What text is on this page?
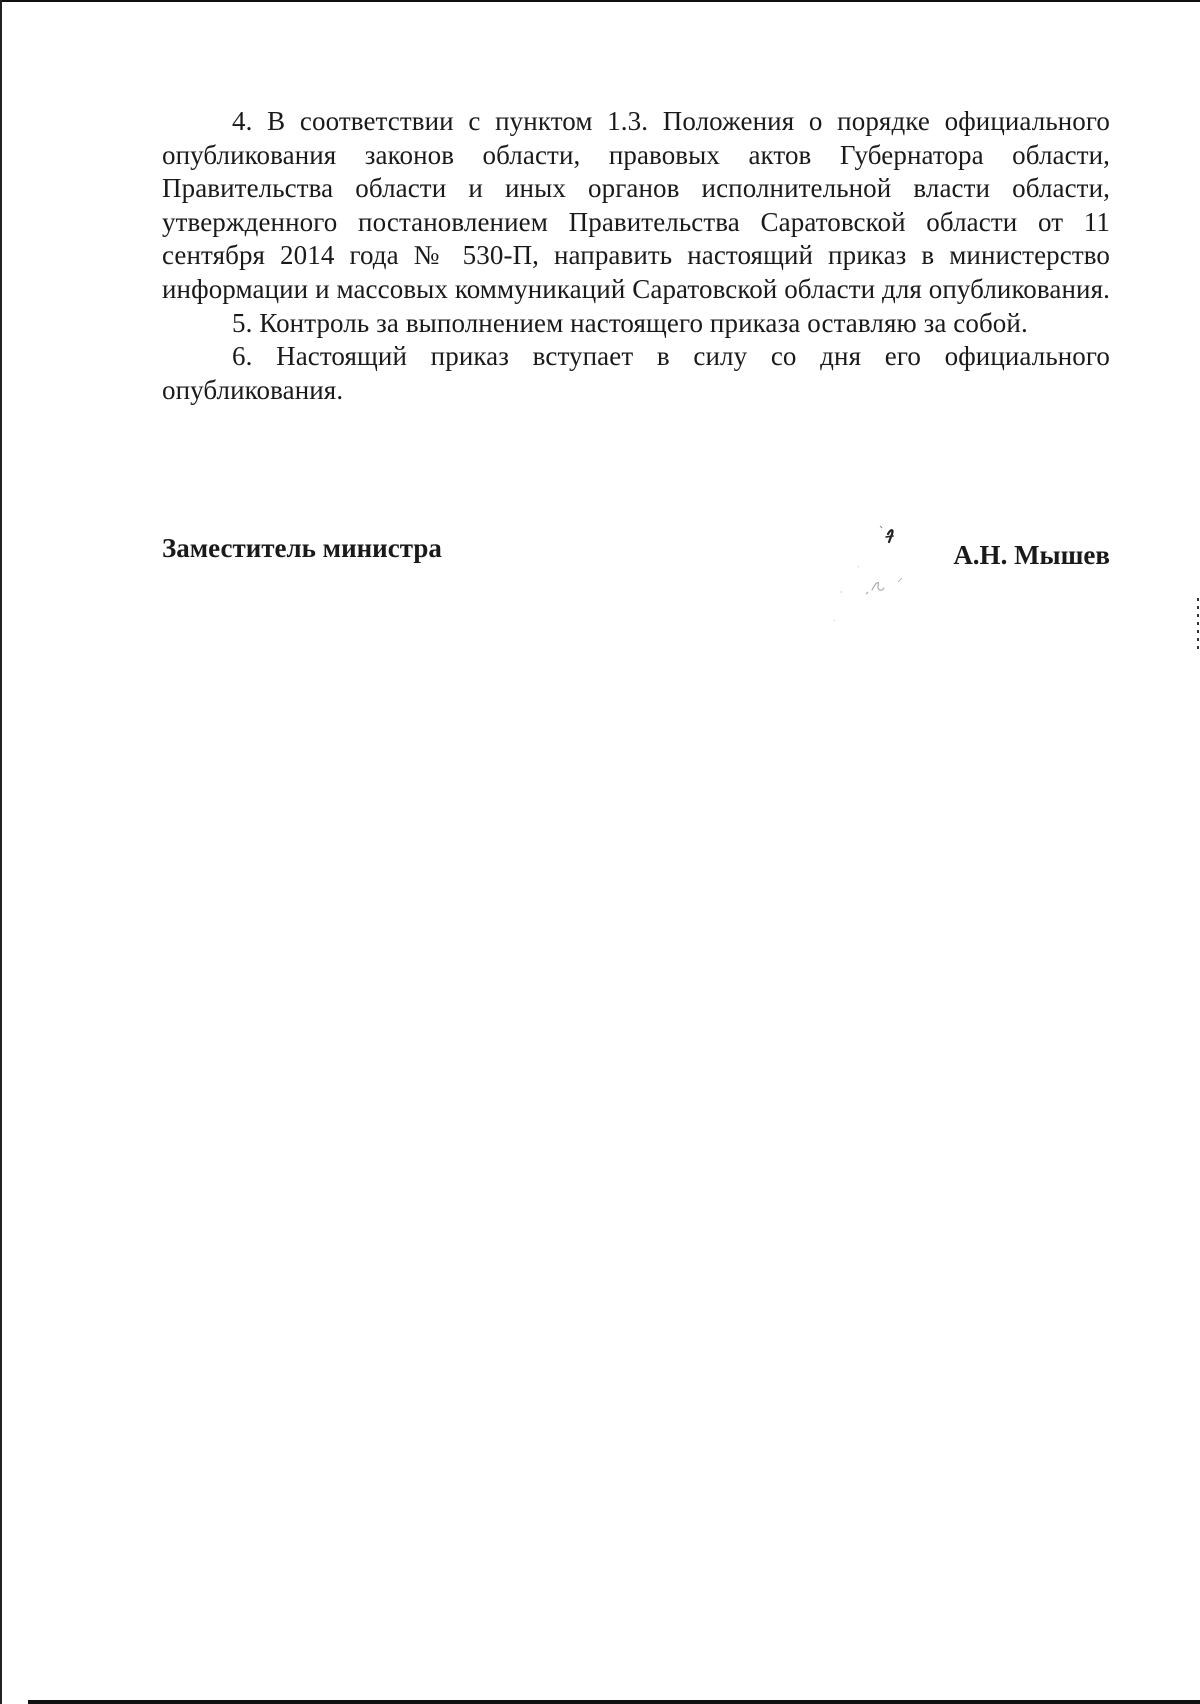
4. В соответствии с пунктом 1.3. Положения о порядке официального опубликования законов области, правовых актов Губернатора области, Правительства области и иных органов исполнительной власти области, утвержденного постановлением Правительства Саратовской области от 11 сентября 2014 года № 530-П, направить настоящий приказ в министерство информации и массовых коммуникаций Саратовской области для опубликования.

5. Контроль за выполнением настоящего приказа оставляю за собой.

6. Настоящий приказ вступает в силу со дня его официального опубликования.

Заместитель министра	А.Н. Мышев
